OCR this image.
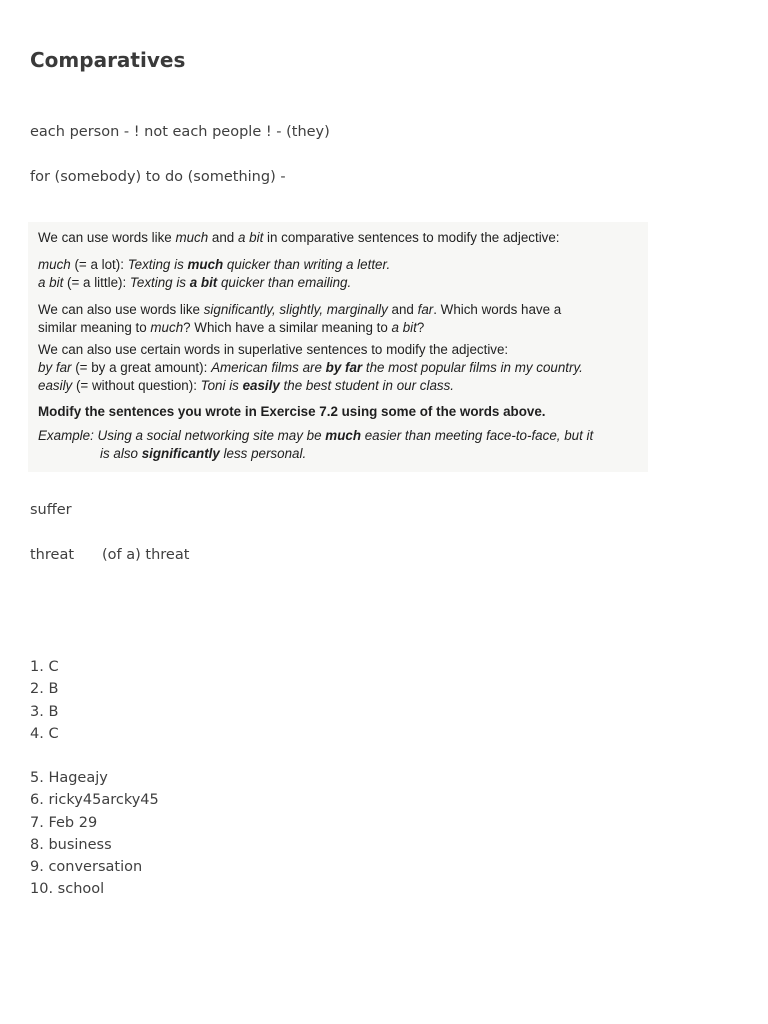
Comparatives
each person - ! not each people ! - (they)
for (somebody) to do (something) -

We can use words like much and a bit in comparative sentences to modify the adjective:

much (= a lot): Texting is much quicker than writing a letter.

a bit (= a little): Texting is a bit quicker than emailing.

We can also use words like significantly, slightly, marginally and far. Which words have a

similar meaning to much? Which have a similar meaning to a bit?

We can also use certain words in superlative sentences to modify the adjective:

by far (= by a great amount): American films are by far the most popular films in my country.

easily (= without question): Toni is easily the best student in our class.

Modify the sentences you wrote in Exercise 7.2 using some of the words above.

Example: Using a social networking site may be much easier than meeting face-to-face, but it

is also significantly less personal.

suffer
threat (of a) threat
1. C
2. B
3. B
4. C
5. Hageajy
6. ricky45arcky45
7. Feb 29
8. business
9. conversation
10. school
